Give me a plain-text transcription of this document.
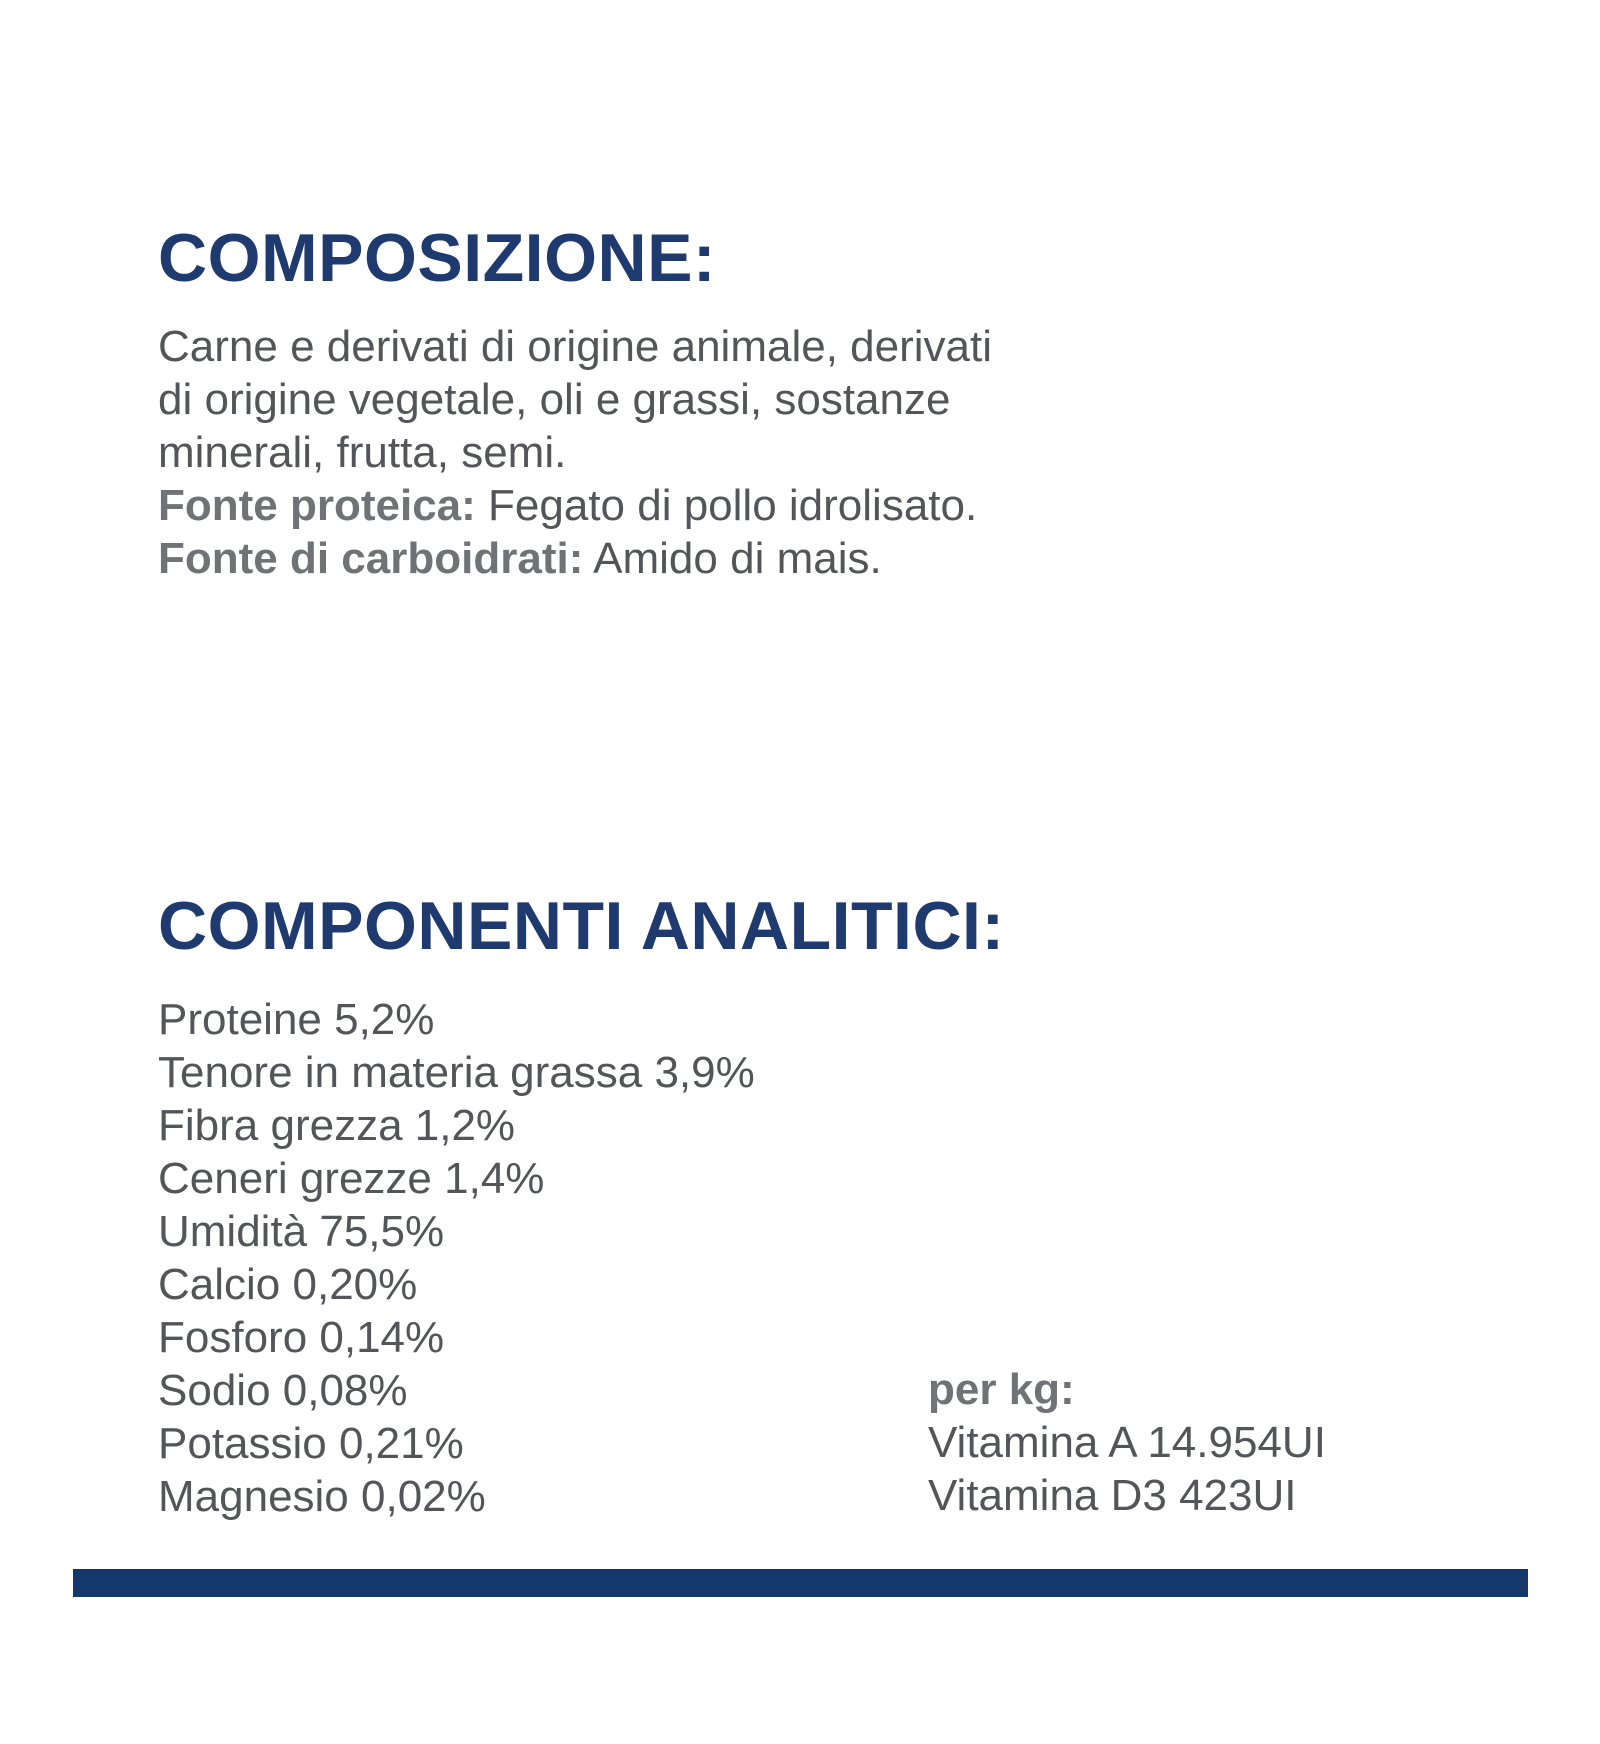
COMPOSIZIONE:
Carne e derivati di origine animale, derivati
di origine vegetale, oli e grassi, sostanze
minerali, frutta, semi.
Fonte proteica: Fegato di pollo idrolisato.
Fonte di carboidrati: Amido di mais.
COMPONENTI ANALITICI:
Proteine 5,2%
Tenore in materia grassa 3,9%
Fibra grezza 1,2%
Ceneri grezze 1,4%
Umidità 75,5%
Calcio 0,20%
Fosforo 0,14%
Sodio 0,08%
Potassio 0,21%
Magnesio 0,02%
per kg:
Vitamina A 14.954UI
Vitamina D3 423UI
